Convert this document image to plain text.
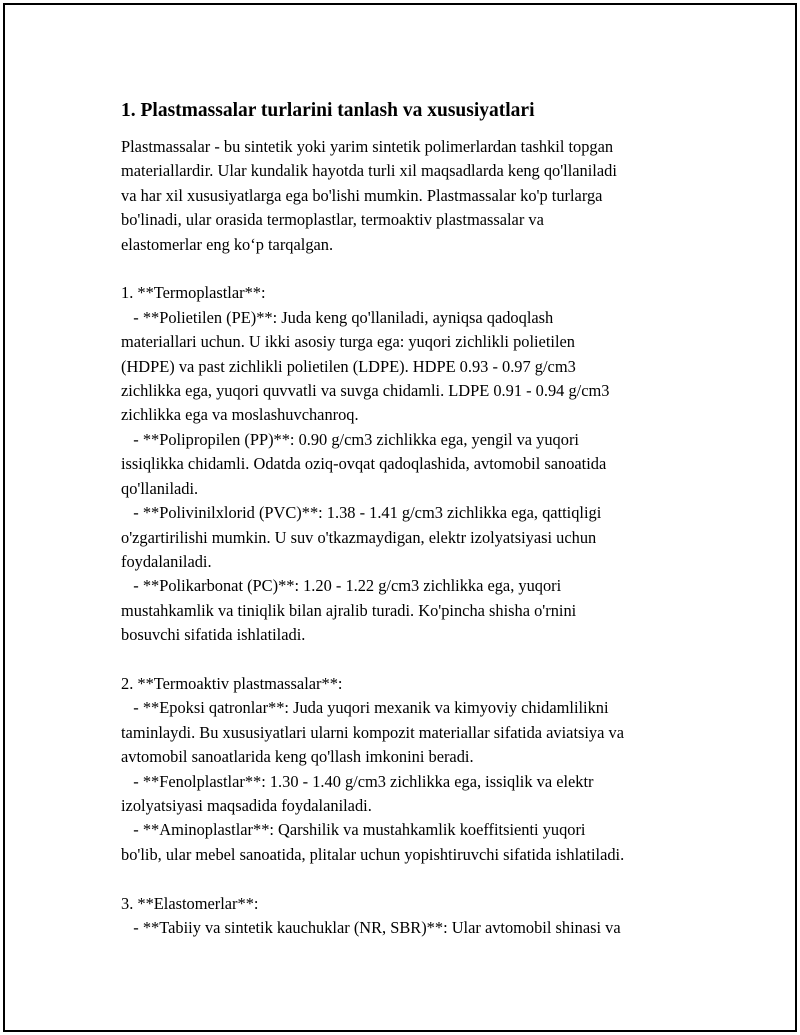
1. Plastmassalar turlarini tanlash va xususiyatlari
Plastmassalar - bu sintetik yoki yarim sintetik polimerlardan tashkil topgan
materiallardir. Ular kundalik hayotda turli xil maqsadlarda keng qo'llaniladi
va har xil xususiyatlarga ega bo'lishi mumkin. Plastmassalar ko'p turlarga
bo'linadi, ular orasida termoplastlar, termoaktiv plastmassalar va
elastomerlar eng ko‘p tarqalgan.

1. **Termoplastlar**:
- **Polietilen (PE)**: Juda keng qo'llaniladi, ayniqsa qadoqlash
materiallari uchun. U ikki asosiy turga ega: yuqori zichlikli polietilen
(HDPE) va past zichlikli polietilen (LDPE). HDPE 0.93 - 0.97 g/cm3
zichlikka ega, yuqori quvvatli va suvga chidamli. LDPE 0.91 - 0.94 g/cm3
zichlikka ega va moslashuvchanroq.
- **Polipropilen (PP)**: 0.90 g/cm3 zichlikka ega, yengil va yuqori
issiqlikka chidamli. Odatda oziq-ovqat qadoqlashida, avtomobil sanoatida
qo'llaniladi.
- **Polivinilxlorid (PVC)**: 1.38 - 1.41 g/cm3 zichlikka ega, qattiqligi
o'zgartirilishi mumkin. U suv o'tkazmaydigan, elektr izolyatsiyasi uchun
foydalaniladi.
- **Polikarbonat (PC)**: 1.20 - 1.22 g/cm3 zichlikka ega, yuqori
mustahkamlik va tiniqlik bilan ajralib turadi. Ko'pincha shisha o'rnini
bosuvchi sifatida ishlatiladi.

2. **Termoaktiv plastmassalar**:
- **Epoksi qatronlar**: Juda yuqori mexanik va kimyoviy chidamlilikni
taminlaydi. Bu xususiyatlari ularni kompozit materiallar sifatida aviatsiya va
avtomobil sanoatlarida keng qo'llash imkonini beradi.
- **Fenolplastlar**: 1.30 - 1.40 g/cm3 zichlikka ega, issiqlik va elektr
izolyatsiyasi maqsadida foydalaniladi.
- **Aminoplastlar**: Qarshilik va mustahkamlik koeffitsienti yuqori
bo'lib, ular mebel sanoatida, plitalar uchun yopishtiruvchi sifatida ishlatiladi.

3. **Elastomerlar**:
- **Tabiiy va sintetik kauchuklar (NR, SBR)**: Ular avtomobil shinasi va
